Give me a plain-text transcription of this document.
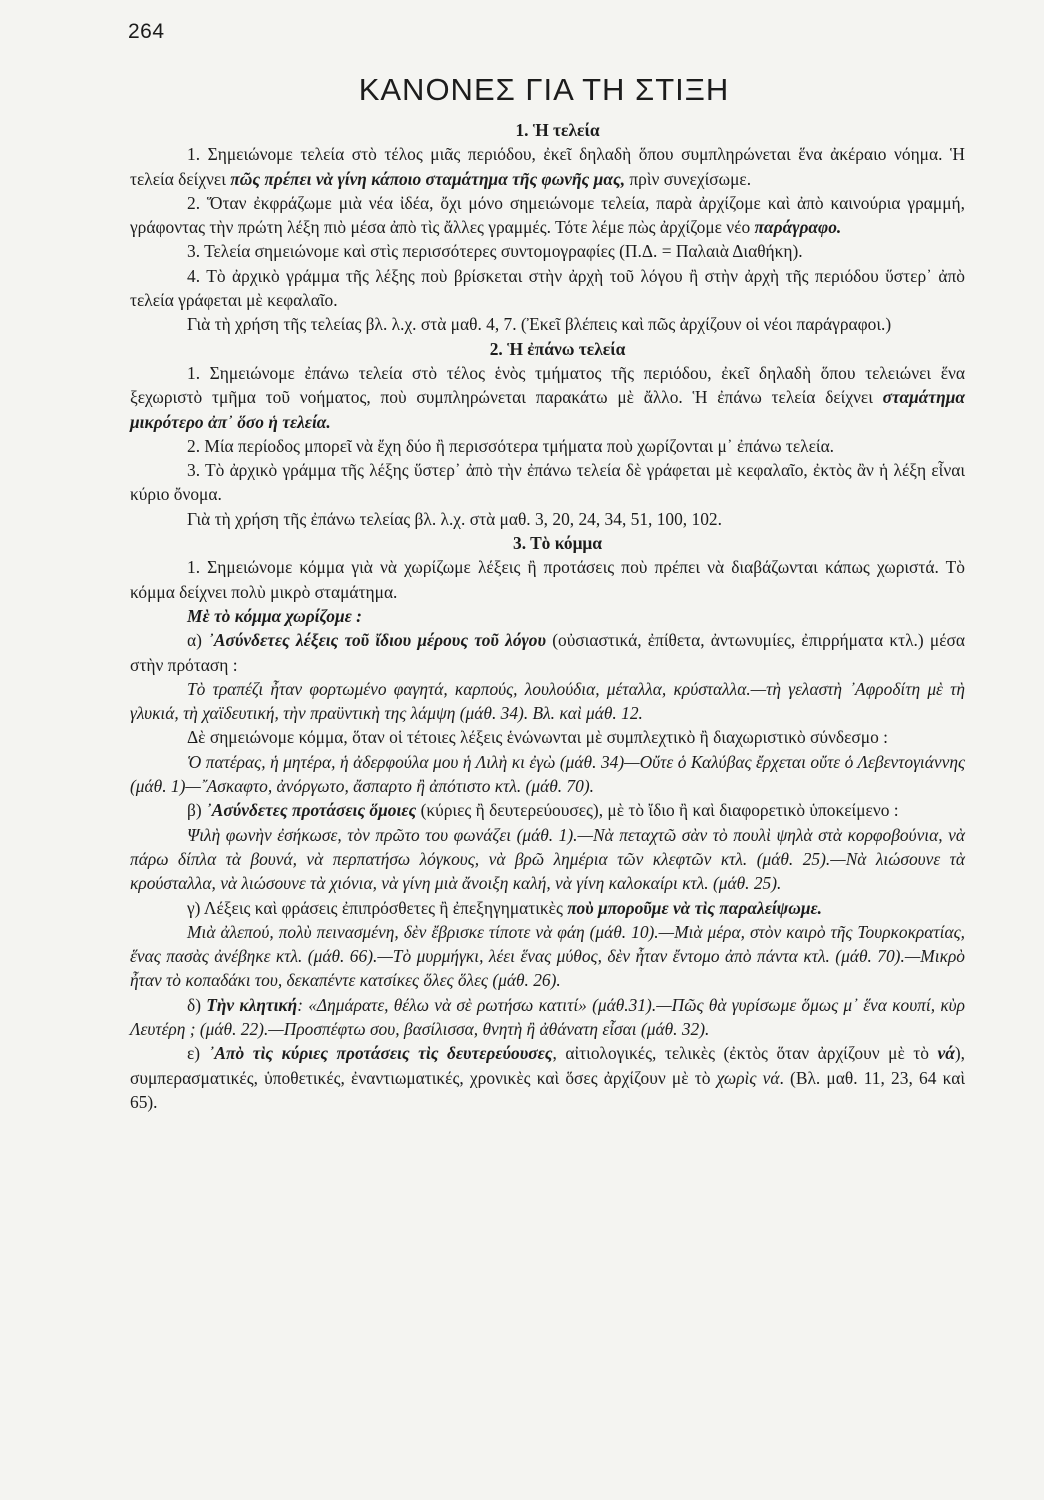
264
ΚΑΝΟΝΕΣ ΓΙΑ ΤΗ ΣΤΙΞΗ

1. Ἡ τελεία

1. Σημειώνομε τελεία στὸ τέλος μιᾶς περιόδου, ἐκεῖ δηλαδὴ ὅπου συμπληρώνεται ἕνα ἀκέραιο νόημα. Ἡ τελεία δείχνει πῶς πρέπει νὰ γίνη κάποιο σταμάτημα τῆς φωνῆς μας, πρὶν συνεχίσωμε.

2. Ὅταν ἐκφράζωμε μιὰ νέα ἰδέα, ὄχι μόνο σημειώνομε τελεία, παρὰ ἀρχίζομε καὶ ἀπὸ καινούρια γραμμή, γράφοντας τὴν πρώτη λέξη πιὸ μέσα ἀπὸ τὶς ἄλλες γραμμές. Τότε λέμε πὼς ἀρχίζομε νέο παράγραφο.

3. Τελεία σημειώνομε καὶ στὶς περισσότερες συντομογραφίες (Π.Δ. = Παλαιὰ Διαθήκη).

4. Τὸ ἀρχικὸ γράμμα τῆς λέξης ποὺ βρίσκεται στὴν ἀρχὴ τοῦ λόγου ἢ στὴν ἀρχὴ τῆς περιόδου ὕστερ᾽ ἀπὸ τελεία γράφεται μὲ κεφαλαῖο.

Γιὰ τὴ χρήση τῆς τελείας βλ. λ.χ. στὰ μαθ. 4, 7. (Ἐκεῖ βλέπεις καὶ πῶς ἀρχίζουν οἱ νέοι παράγραφοι.)

2. Ἡ ἐπάνω τελεία

1. Σημειώνομε ἐπάνω τελεία στὸ τέλος ἑνὸς τμήματος τῆς περιόδου, ἐκεῖ δηλαδὴ ὅπου τελειώνει ἕνα ξεχωριστὸ τμῆμα τοῦ νοήματος, ποὺ συμπληρώνεται παρακάτω μὲ ἄλλο. Ἡ ἐπάνω τελεία δείχνει σταμάτημα μικρότερο ἀπ᾽ ὅσο ἡ τελεία.

2. Μία περίοδος μπορεῖ νὰ ἔχη δύο ἢ περισσότερα τμήματα ποὺ χωρίζονται μ᾽ ἐπάνω τελεία.

3. Τὸ ἀρχικὸ γράμμα τῆς λέξης ὕστερ᾽ ἀπὸ τὴν ἐπάνω τελεία δὲ γράφεται μὲ κεφαλαῖο, ἐκτὸς ἂν ἡ λέξη εἶναι κύριο ὄνομα.

Γιὰ τὴ χρήση τῆς ἐπάνω τελείας βλ. λ.χ. στὰ μαθ. 3, 20, 24, 34, 51, 100, 102.

3. Τὸ κόμμα

1. Σημειώνομε κόμμα γιὰ νὰ χωρίζωμε λέξεις ἢ προτάσεις ποὺ πρέπει νὰ διαβάζωνται κάπως χωριστά. Τὸ κόμμα δείχνει πολὺ μικρὸ σταμάτημα.

Μὲ τὸ κόμμα χωρίζομε :

α) ᾽Ασύνδετες λέξεις τοῦ ἴδιου μέρους τοῦ λόγου (οὐσιαστικά, ἐπίθετα, ἀντωνυμίες, ἐπιρρήματα κτλ.) μέσα στὴν πρόταση :

Τὸ τραπέζι ἦταν φορτωμένο φαγητά, καρπούς, λουλούδια, μέταλλα, κρύσταλλα.—τὴ γελαστὴ ᾽Αφροδίτη μὲ τὴ γλυκιά, τὴ χαϊδευτική, τὴν πραϋντικὴ της λάμψη (μάθ. 34). Βλ. καὶ μάθ. 12.

Δὲ σημειώνομε κόμμα, ὅταν οἱ τέτοιες λέξεις ἑνώνωνται μὲ συμπλεχτικὸ ἢ διαχωριστικὸ σύνδεσμο :

Ὁ πατέρας, ἡ μητέρα, ἡ ἀδερφούλα μου ἡ Λιλὴ κι ἐγὼ (μάθ. 34)—Οὔτε ὁ Καλύβας ἔρχεται οὔτε ὁ Λεβεντογιάννης (μάθ. 1)—῎Ασκαφτο, ἀνόργωτο, ἄσπαρτο ἢ ἀπότιστο κτλ. (μάθ. 70).

β) ᾽Ασύνδετες προτάσεις ὅμοιες (κύριες ἢ δευτερεύουσες), μὲ τὸ ἴδιο ἢ καὶ διαφορετικὸ ὑποκείμενο :

Ψιλὴ φωνὴν ἐσήκωσε, τὸν πρῶτο του φωνάζει (μάθ. 1).—Νὰ πεταχτῶ σὰν τὸ πουλὶ ψηλὰ στὰ κορφοβούνια, νὰ πάρω δίπλα τὰ βουνά, νὰ περπατήσω λόγκους, νὰ βρῶ λημέρια τῶν κλεφτῶν κτλ. (μάθ. 25).—Νὰ λιώσουνε τὰ κρούσταλλα, νὰ λιώσουνε τὰ χιόνια, νὰ γίνη μιὰ ἄνοιξη καλή, νὰ γίνη καλοκαίρι κτλ. (μάθ. 25).

γ) Λέξεις καὶ φράσεις ἐπιπρόσθετες ἢ ἐπεξηγηματικὲς ποὺ μποροῦμε νὰ τὶς παραλείψωμε.

Μιὰ ἀλεπού, πολὺ πεινασμένη, δὲν ἔβρισκε τίποτε νὰ φάη (μάθ. 10).—Μιὰ μέρα, στὸν καιρὸ τῆς Τουρκοκρατίας, ἕνας πασὰς ἀνέβηκε κτλ. (μάθ. 66).—Τὸ μυρμήγκι, λέει ἕνας μύθος, δὲν ἦταν ἔντομο ἀπὸ πάντα κτλ. (μάθ. 70).—Μικρὸ ἦταν τὸ κοπαδάκι του, δεκαπέντε κατσίκες ὅλες ὅλες (μάθ. 26).

δ) Τὴν κλητική: «Δημάρατε, θέλω νὰ σὲ ρωτήσω κατιτί» (μάθ.31).—Πῶς θὰ γυρίσωμε ὅμως μ᾽ ἕνα κουπί, κὺρ Λευτέρη ; (μάθ. 22).—Προσπέφτω σου, βασίλισσα, θνητὴ ἢ ἀθάνατη εἶσαι (μάθ. 32).

ε) ᾽Απὸ τὶς κύριες προτάσεις τὶς δευτερεύουσες, αἰτιολογικές, τελικὲς (ἐκτὸς ὅταν ἀρχίζουν μὲ τὸ νά), συμπερασματικές, ὑποθετικές, ἐναντιωματικές, χρονικὲς καὶ ὅσες ἀρχίζουν μὲ τὸ χωρὶς νά. (Βλ. μαθ. 11, 23, 64 καὶ 65).
